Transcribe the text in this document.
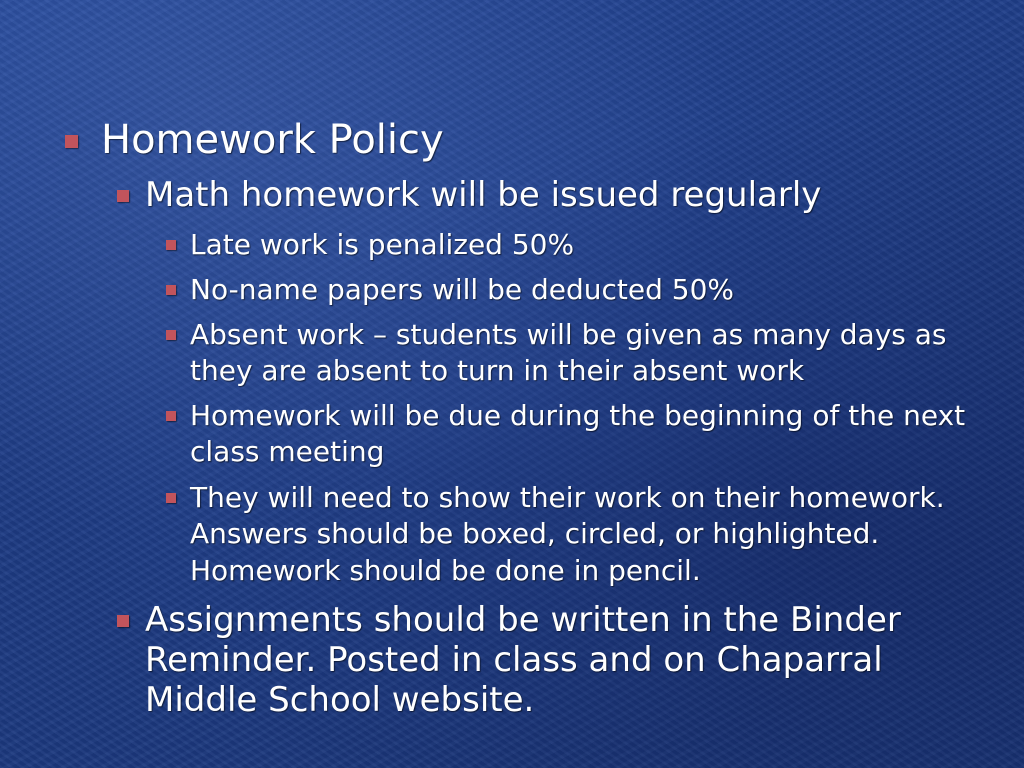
Homework Policy
Math homework will be issued regularly
Late work is penalized 50%
No-name papers will be deducted 50%
Absent work – students will be given as many days as they are absent to turn in their absent work
Homework will be due during the beginning of the next class meeting
They will need to show their work on their homework. Answers should be boxed, circled, or highlighted. Homework should be done in pencil.
Assignments should be written in the Binder Reminder. Posted in class and on Chaparral Middle School website.
